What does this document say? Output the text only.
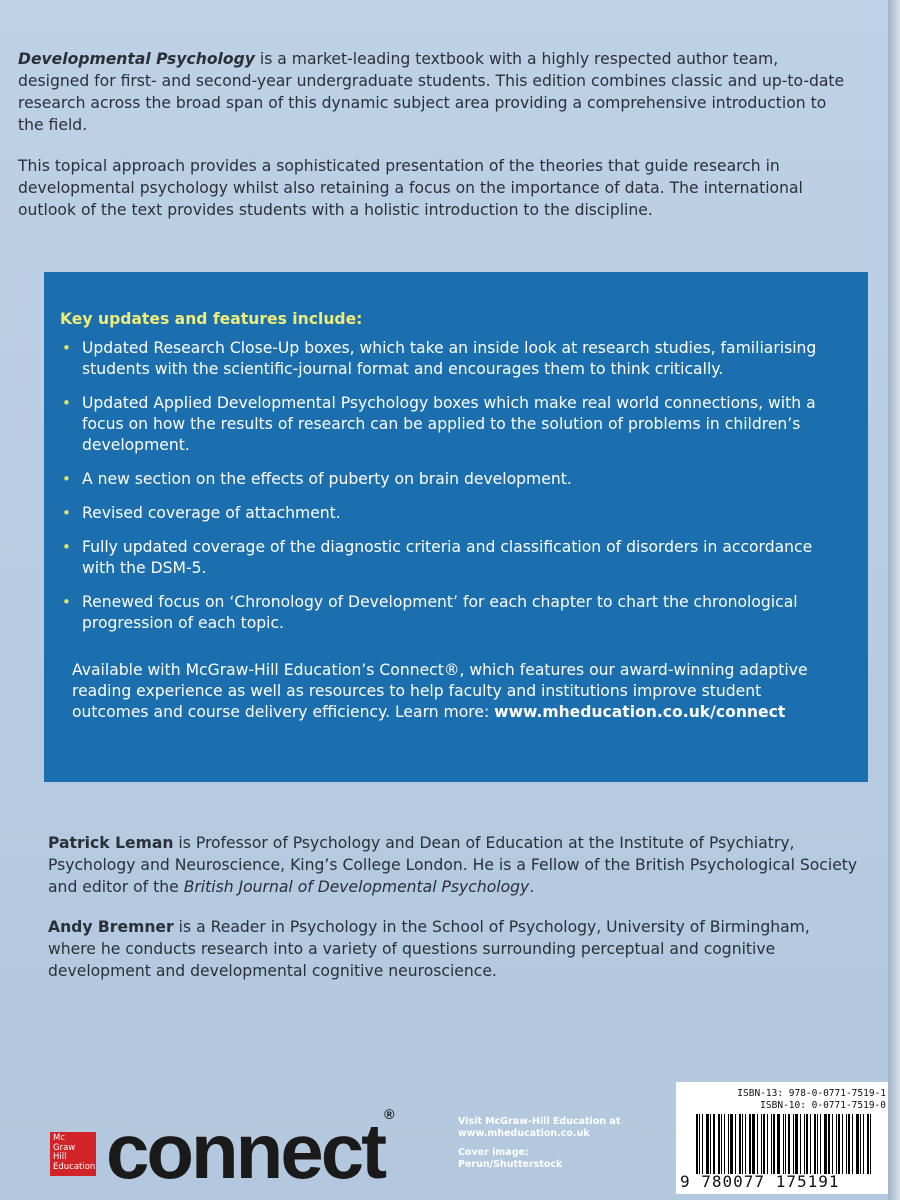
Developmental Psychology is a market-leading textbook with a highly respected author team, designed for first- and second-year undergraduate students. This edition combines classic and up-to-date research across the broad span of this dynamic subject area providing a comprehensive introduction to the field.

This topical approach provides a sophisticated presentation of the theories that guide research in developmental psychology whilst also retaining a focus on the importance of data. The international outlook of the text provides students with a holistic introduction to the discipline.

Key updates and features include:
• Updated Research Close-Up boxes, which take an inside look at research studies, familiarising students with the scientific-journal format and encourages them to think critically.
• Updated Applied Developmental Psychology boxes which make real world connections, with a focus on how the results of research can be applied to the solution of problems in children’s development.
• A new section on the effects of puberty on brain development.
• Revised coverage of attachment.
• Fully updated coverage of the diagnostic criteria and classification of disorders in accordance with the DSM-5.
• Renewed focus on ‘Chronology of Development’ for each chapter to chart the chronological progression of each topic.
Available with McGraw-Hill Education’s Connect®, which features our award-winning adaptive reading experience as well as resources to help faculty and institutions improve student outcomes and course delivery efficiency. Learn more: www.mheducation.co.uk/connect

Patrick Leman is Professor of Psychology and Dean of Education at the Institute of Psychiatry, Psychology and Neuroscience, King’s College London. He is a Fellow of the British Psychological Society and editor of the British Journal of Developmental Psychology.

Andy Bremner is a Reader in Psychology in the School of Psychology, University of Birmingham, where he conducts research into a variety of questions surrounding perceptual and cognitive development and developmental cognitive neuroscience.

Mc
Graw
Hill
Education connect®	Visit McGraw-Hill Education at
www.mheducation.co.uk
Cover image:
Perun/Shutterstock
ISBN-13: 978-0-0771-7519-1
ISBN-10: 0-0771-7519-0
9 780077 175191
